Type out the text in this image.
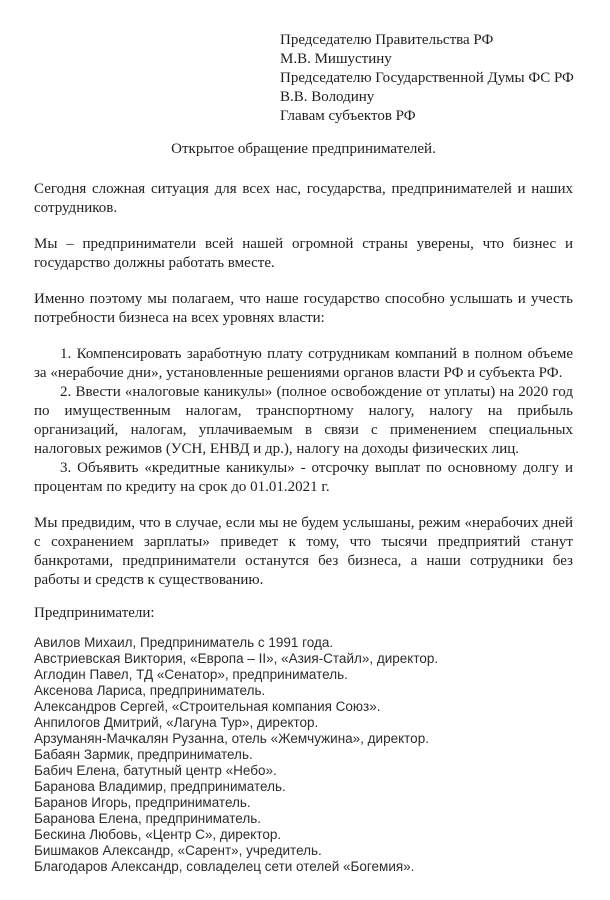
Председателю Правительства РФ
М.В. Мишустину
Председателю Государственной Думы ФС РФ
В.В. Володину
Главам субъектов РФ
Открытое обращение предпринимателей.

Сегодня сложная ситуация для всех нас, государства, предпринимателей и наших сотрудников.

Мы – предприниматели всей нашей огромной страны уверены, что бизнес и государство должны работать вместе.

Именно поэтому мы полагаем, что наше государство способно услышать и учесть потребности бизнеса на всех уровнях власти:

1. Компенсировать заработную плату сотрудникам компаний в полном объеме за «нерабочие дни», установленные решениями органов власти РФ и субъекта РФ.

2. Ввести «налоговые каникулы» (полное освобождение от уплаты) на 2020 год по имущественным налогам, транспортному налогу, налогу на прибыль организаций, налогам, уплачиваемым в связи с применением специальных налоговых режимов (УСН, ЕНВД и др.), налогу на доходы физических лиц.

3. Объявить «кредитные каникулы» - отсрочку выплат по основному долгу и процентам по кредиту на срок до 01.01.2021 г.

Мы предвидим, что в случае, если мы не будем услышаны, режим «нерабочих дней с сохранением зарплаты» приведет к тому, что тысячи предприятий станут банкротами, предприниматели останутся без бизнеса, а наши сотрудники без работы и средств к существованию.

Предприниматели:
Авилов Михаил, Предприниматель с 1991 года.
Австриевская Виктория, «Европа – II», «Азия-Стайл», директор.
Аглодин Павел, ТД «Сенатор», предприниматель.
Аксенова Лариса, предприниматель.
Александров Сергей, «Строительная компания Союз».
Анпилогов Дмитрий, «Лагуна Тур», директор.
Арзуманян-Мачкалян Рузанна, отель «Жемчужина», директор.
Бабаян Зармик, предприниматель.
Бабич Елена, батутный центр «Небо».
Баранова Владимир, предприниматель.
Баранов Игорь, предприниматель.
Баранова Елена, предприниматель.
Бескина Любовь, «Центр С», директор.
Бишмаков Александр, «Сарент», учредитель.
Благодаров Александр, совладелец сети отелей «Богемия».
